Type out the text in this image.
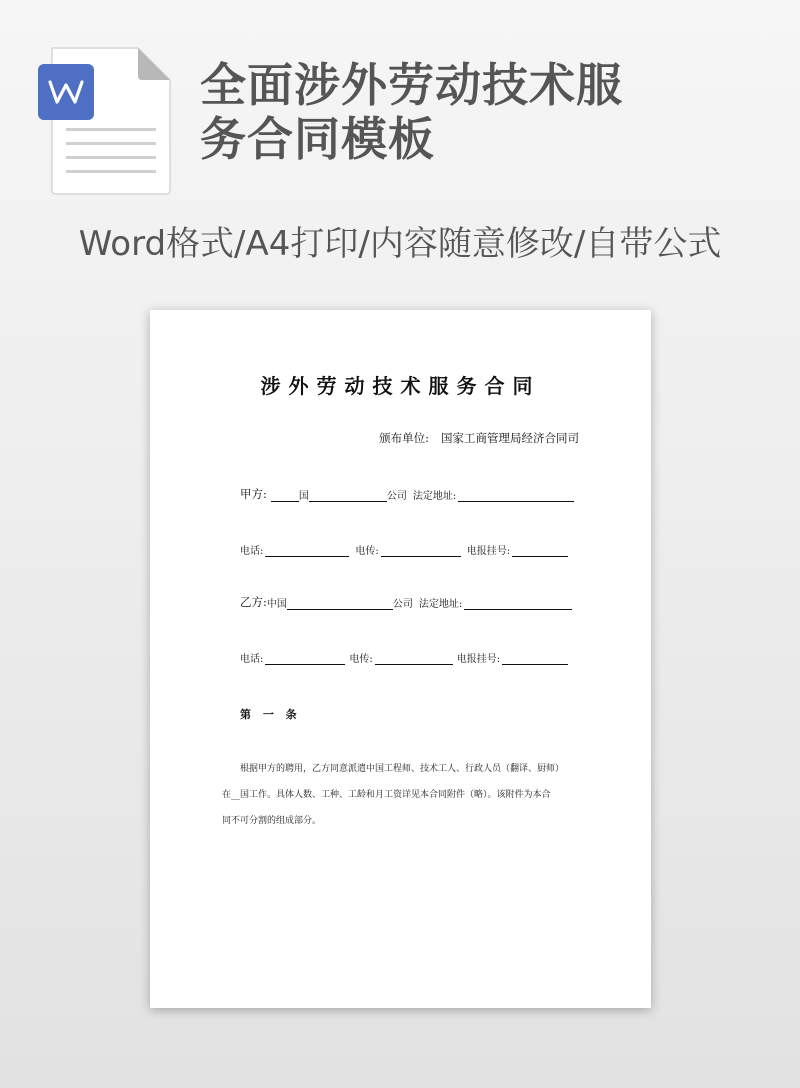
全面涉外劳动技术服
务合同模板
Word格式/A4打印/内容随意修改/自带公式
涉外劳动技术服务合同
颁布单位: 国家工商管理局经济合同司
甲方:	国	公司 法定地址:
电话:	电传:	电报挂号:
乙方: 中国	公司 法定地址:
电话:	电传:	电报挂号:
第 一 条
根据甲方的聘用，乙方同意派遣中国工程师、技术工人、行政人员（翻译、厨师）
在__国工作。具体人数、工种、工龄和月工资详见本合同附件（略）。该附件为本合
同不可分割的组成部分。
